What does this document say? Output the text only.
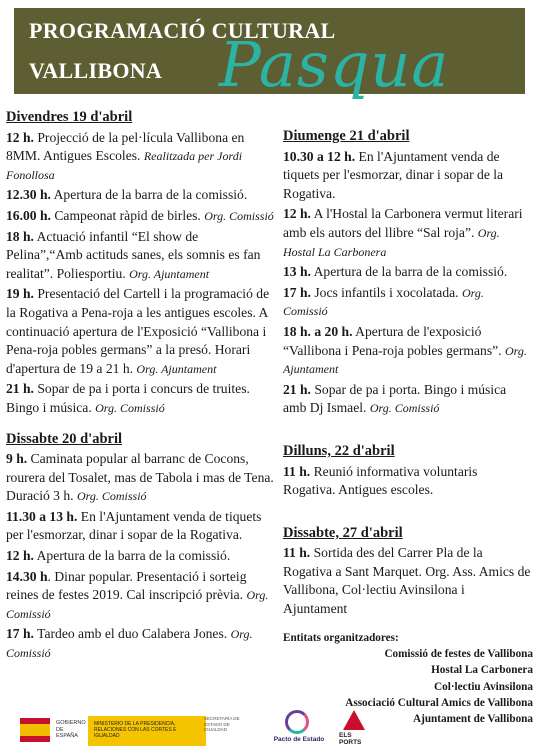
PROGRAMACIÓ CULTURAL
VALLIBONA Pasqua
Divendres 19 d'abril
12 h. Projecció de la pel·lícula Vallibona en 8MM. Antigues Escoles. Realitzada per Jordi Fonollosa
12.30 h. Apertura de la barra de la comissió.
16.00 h. Campeonat ràpid de birles. Org. Comissió
18 h. Actuació infantil “El show de Pelina”,“Amb actituds sanes, els somnis es fan realitat”. Poliesportiu. Org. Ajuntament
19 h. Presentació del Cartell i la programació de la Rogativa a Pena-roja a les antigues escoles. A continuació apertura de l'Exposició “Vallibona i Pena-roja pobles germans” a la presó. Horari d'apertura de 19 a 21 h. Org. Ajuntament
21 h. Sopar de pa i porta i concurs de truites. Bingo i música. Org. Comissió
Dissabte 20 d'abril
9 h. Caminata popular al barranc de Cocons, rourera del Tosalet, mas de Tabola i mas de Tena. Duració 3 h. Org. Comissió
11.30 a 13 h. En l'Ajuntament venda de tiquets per l'esmorzar, dinar i sopar de la Rogativa.
12 h. Apertura de la barra de la comissió.
14.30 h. Dinar popular. Presentació i sorteig reines de festes 2019. Cal inscripció prèvia. Org. Comissió
17 h. Tardeo amb el duo Calabera Jones. Org. Comissió
Diumenge 21 d'abril
10.30 a 12 h. En l'Ajuntament venda de tiquets per l'esmorzar, dinar i sopar de la Rogativa.
12 h. A l'Hostal la Carbonera vermut literari amb els autors del llibre “Sal roja”. Org. Hostal La Carbonera
13 h. Apertura de la barra de la comissió.
17 h. Jocs infantils i xocolatada. Org. Comissió
18 h. a 20 h. Apertura de l'exposició “Vallibona i Pena-roja pobles germans”. Org. Ajuntament
21 h. Sopar de pa i porta. Bingo i música amb Dj Ismael. Org. Comissió
Dilluns, 22 d'abril
11 h. Reunió informativa voluntaris Rogativa. Antigues escoles.
Dissabte, 27 d'abril
11 h. Sortida des del Carrer Pla de la Rogativa a Sant Marquet. Org. Ass. Amics de Vallibona, Col·lectiu Avinsilona i Ajuntament
Entitats organitzadores:
Comissió de festes de Vallibona
Hostal La Carbonera
Col·lectiu Avinsilona
Associació Cultural Amics de Vallibona
Ajuntament de Vallibona
GOBIERNO DE ESPAÑA
MINISTERIO DE LA PRESIDENCIA, RELACIONES CON LAS CORTES E IGUALDAD
SECRETARÍA DE ESTADO DE IGUALDAD
Pacto de Estado
ELS PORTS
